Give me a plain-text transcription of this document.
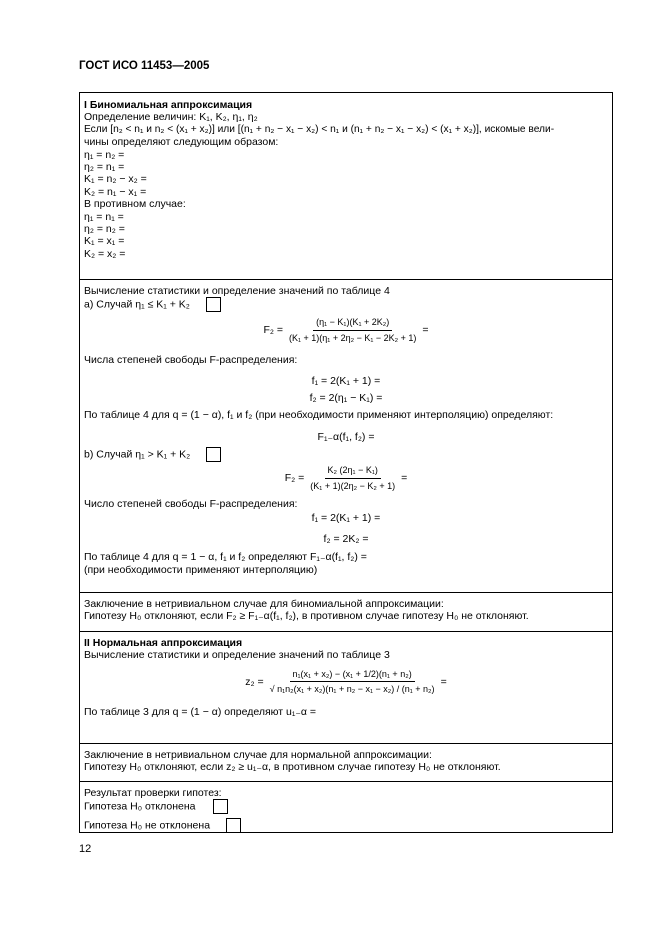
ГОСТ ИСО 11453—2005
I Биномиальная аппроксимация
Определение величин: K₁, K₂, η₁, η₂
Если [n₂ < n₁ и n₂ < (x₁ + x₂)] или [(n₁ + n₂ − x₁ − x₂) < n₁ и (n₁ + n₂ − x₁ − x₂) < (x₁ + x₂)], искомые вели-
чины определяют следующим образом:
η₁ = n₂ =
η₂ = n₁ =
K₁ = n₂ − x₂ =
K₂ = n₁ − x₁ =
В противном случае:
η₁ = n₁ =
η₂ = n₂ =
K₁ = x₁ =
K₂ = x₂ =
Вычисление статистики и определение значений по таблице 4
а) Случай η₁ ≤ K₁ + K₂
$F_2 = \frac{\text{(η₁ − K₁)(K₁ + 2K₂)}}{\text{(K₁ + 1)(η₁ + 2η₂ − K₁ − 2K₂ + 1)}}$ =
Числа степеней свободы F-распределения:
f₁ = 2(K₁ + 1) =
f₂ = 2(η₁ − K₁) =
По таблице 4 для q = (1 − α), f₁ и f₂ (при необходимости применяют интерполяцию) определяют:
F₁₋α(f₁, f₂) =
b) Случай η₁ > K₁ + K₂
$F_2 = \frac{\text{K₂ (2η₁ − K₁)}}{\text{(K₁ + 1)(2η₂ − K₂ + 1)}}$ =
Число степеней свободы F-распределения:
f₁ = 2(K₁ + 1) =
f₂ = 2K₂ =
По таблице 4 для q = 1 − α, f₁ и f₂ определяют F₁₋α(f₁, f₂) =
(при необходимости применяют интерполяцию)
Заключение в нетривиальном случае для биномиальной аппроксимации:
Гипотезу H₀ отклоняют, если F₂ ≥ F₁₋α(f₁, f₂), в противном случае гипотезу H₀ не отклоняют.
II Нормальная аппроксимация
Вычисление статистики и определение значений по таблице 3
$z_2 = \frac{\text{n₁(x₁ + x₂) − (x₁ + 1/2)(n₁ + n₂)}}{\text{√ n₁n₂(x₁ + x₂)(n₁ + n₂ − x₁ − x₂) / (n₁ + n₂)}}$ =
По таблице 3 для q = (1 − α) определяют u₁₋α =
Заключение в нетривиальном случае для нормальной аппроксимации:
Гипотезу H₀ отклоняют, если z₂ ≥ u₁₋α, в противном случае гипотезу H₀ не отклоняют.
Результат проверки гипотез:
Гипотеза H₀ отклонена
Гипотеза H₀ не отклонена
12
